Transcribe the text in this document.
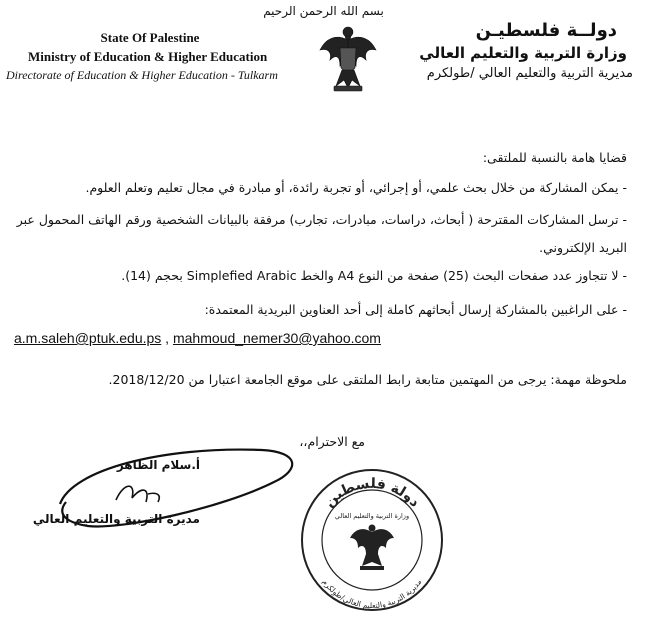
بسم الله الرحمن الرحيم
State Of Palestine
Ministry of Education & Higher Education
Directorate of Education & Higher Education - Tulkarm
دولــة فلسطيـن
وزارة التربية والتعليم العالي
مديرية التربية والتعليم العالي /طولكرم
قضايا هامة بالنسبة للملتقى:
- يمكن المشاركة من خلال بحث علمي، أو إجرائي، أو تجربة رائدة، أو مبادرة في مجال تعليم وتعلم العلوم.
- ترسل المشاركات المقترحة ( أبحاث، دراسات، مبادرات، تجارب) مرفقة بالبيانات الشخصية ورقم الهاتف المحمول عبر
البريد الإلكتروني.
- لا تتجاوز عدد صفحات البحث (25) صفحة من النوع A4 والخط Simplefied Arabic بحجم (14).
- على الراغبين بالمشاركة إرسال أبحاثهم كاملة إلى أحد العناوين البريدية المعتمدة:
a.m.saleh@ptuk.edu.ps , mahmoud_nemer30@yahoo.com
ملحوظة مهمة: يرجى من المهتمين متابعة رابط الملتقى على موقع الجامعة اعتبارا من 2018/12/20.
مع الاحترام،،
أ.سلام الظاهر
مديرة التربية والتعليم العالي
دولة فلسطين
مديرية التربية والتعليم العالي/طولكرم
وزارة التربية والتعليم العالي
